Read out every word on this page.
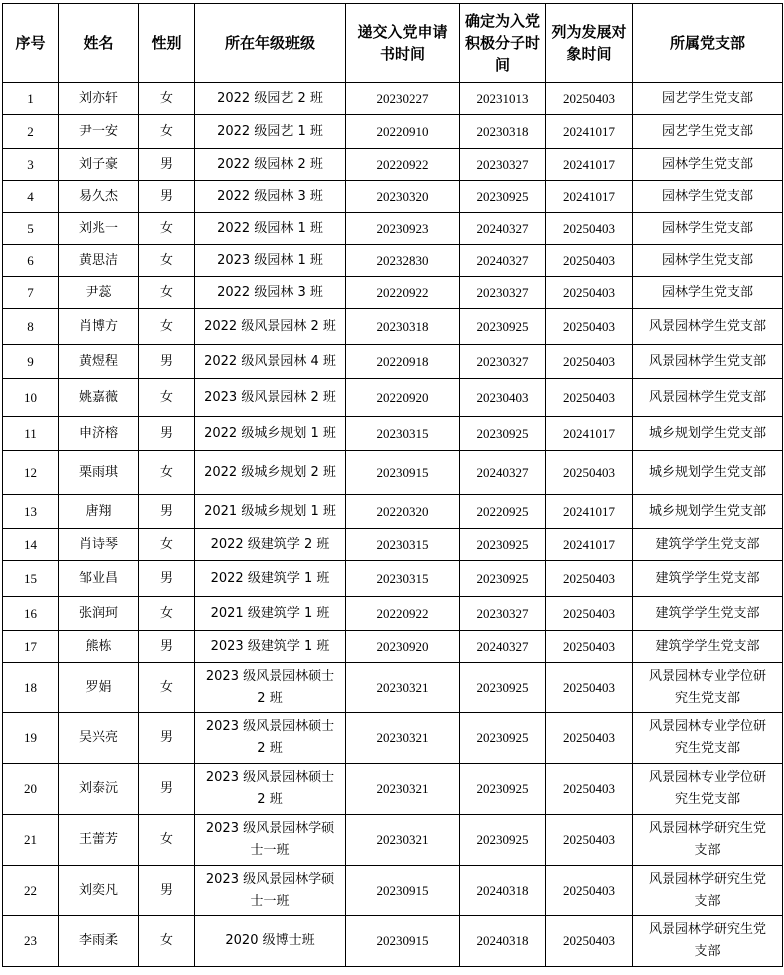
序号	姓名	性别	所在年级班级	递交入党申请书时间	确定为入党积极分子时间	列为发展对象时间	所属党支部
1	刘亦轩	女	2022 级园艺 2 班	20230227	20231013	20250403	园艺学生党支部
2	尹一安	女	2022 级园艺 1 班	20220910	20230318	20241017	园艺学生党支部
3	刘子豪	男	2022 级园林 2 班	20220922	20230327	20241017	园林学生党支部
4	易久杰	男	2022 级园林 3 班	20230320	20230925	20241017	园林学生党支部
5	刘兆一	女	2022 级园林 1 班	20230923	20240327	20250403	园林学生党支部
6	黄思洁	女	2023 级园林 1 班	20232830	20240327	20250403	园林学生党支部
7	尹蕊	女	2022 级园林 3 班	20220922	20230327	20250403	园林学生党支部
8	肖博方	女	2022 级风景园林 2 班	20230318	20230925	20250403	风景园林学生党支部
9	黄煜程	男	2022 级风景园林 4 班	20220918	20230327	20250403	风景园林学生党支部
10	姚嘉薇	女	2023 级风景园林 2 班	20220920	20230403	20250403	风景园林学生党支部
11	申济榕	男	2022 级城乡规划 1 班	20230315	20230925	20241017	城乡规划学生党支部
12	栗雨琪	女	2022 级城乡规划 2 班	20230915	20240327	20250403	城乡规划学生党支部
13	唐翔	男	2021 级城乡规划 1 班	20220320	20220925	20241017	城乡规划学生党支部
14	肖诗琴	女	2022 级建筑学 2 班	20230315	20230925	20241017	建筑学学生党支部
15	邹业昌	男	2022 级建筑学 1 班	20230315	20230925	20250403	建筑学学生党支部
16	张润珂	女	2021 级建筑学 1 班	20220922	20230327	20250403	建筑学学生党支部
17	熊栋	男	2023 级建筑学 1 班	20230920	20240327	20250403	建筑学学生党支部
18	罗娟	女	2023 级风景园林硕士 2 班	20230321	20230925	20250403	风景园林专业学位研究生党支部
19	吴兴亮	男	2023 级风景园林硕士 2 班	20230321	20230925	20250403	风景园林专业学位研究生党支部
20	刘泰沅	男	2023 级风景园林硕士 2 班	20230321	20230925	20250403	风景园林专业学位研究生党支部
21	王蕾芳	女	2023 级风景园林学硕士一班	20230321	20230925	20250403	风景园林学研究生党支部
22	刘奕凡	男	2023 级风景园林学硕士一班	20230915	20240318	20250403	风景园林学研究生党支部
23	李雨柔	女	2020 级博士班	20230915	20240318	20250403	风景园林学研究生党支部
